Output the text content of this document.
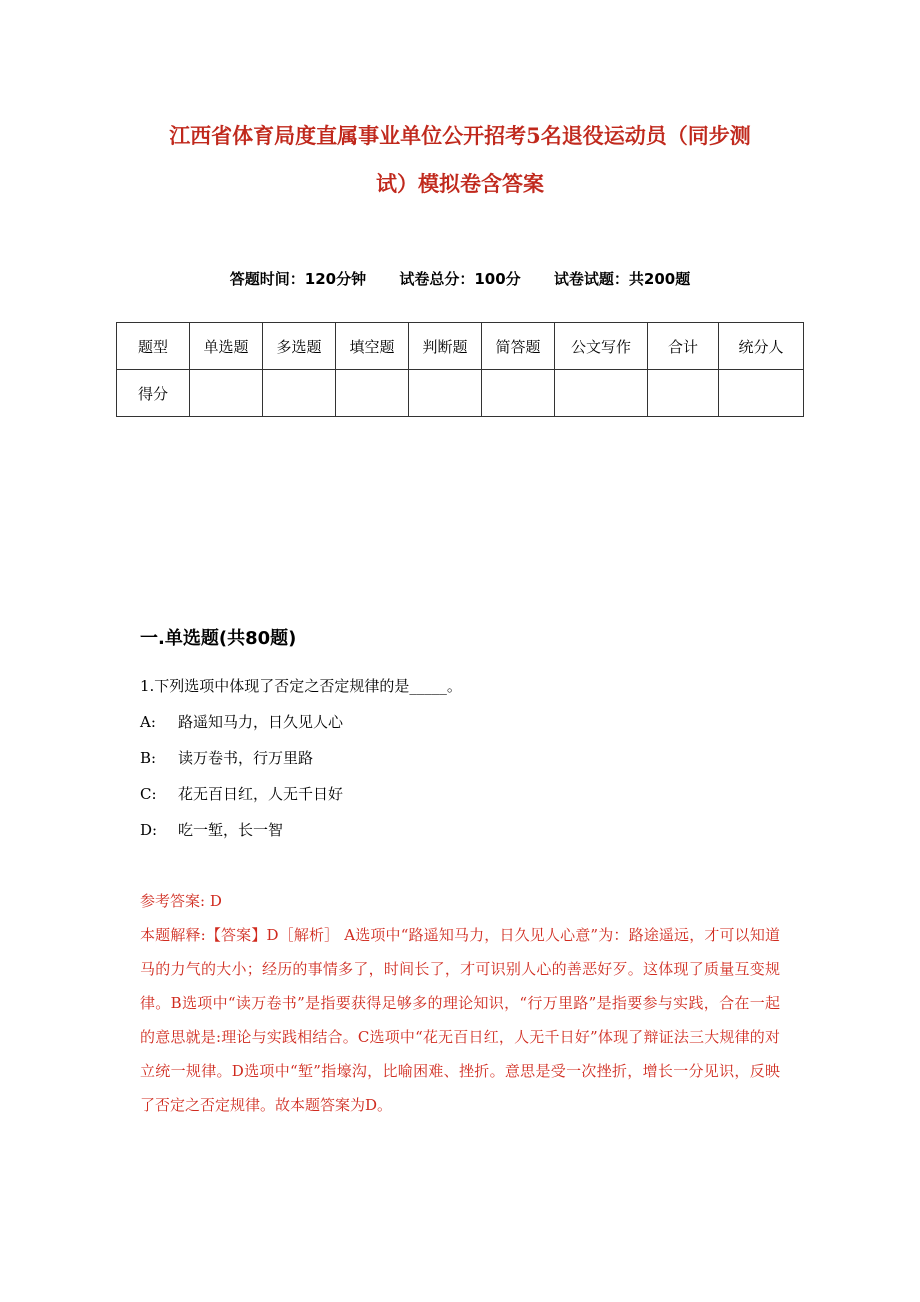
江西省体育局度直属事业单位公开招考5名退役运动员（同步测
试）模拟卷含答案
答题时间：120分钟 试卷总分：100分 试卷试题：共200题
题型	单选题	多选题	填空题	判断题	简答题	公文写作	合计	统分人
得分								
一.单选题(共80题)
1.下列选项中体现了否定之否定规律的是_____。
A: 路遥知马力，日久见人心
B: 读万卷书，行万里路
C: 花无百日红，人无千日好
D: 吃一堑，长一智
参考答案: D
本题解释:【答案】D［解析］ A选项中“路遥知马力，日久见人心意”为：路途遥远，才可以知道马的力气的大小；经历的事情多了，时间长了，才可识别人心的善恶好歹。这体现了质量互变规律。B选项中“读万卷书”是指要获得足够多的理论知识，“行万里路”是指要参与实践，合在一起的意思就是:理论与实践相结合。C选项中“花无百日红，人无千日好”体现了辩证法三大规律的对立统一规律。D选项中“堑”指壕沟，比喻困难、挫折。意思是受一次挫折，增长一分见识，反映了否定之否定规律。故本题答案为D。
